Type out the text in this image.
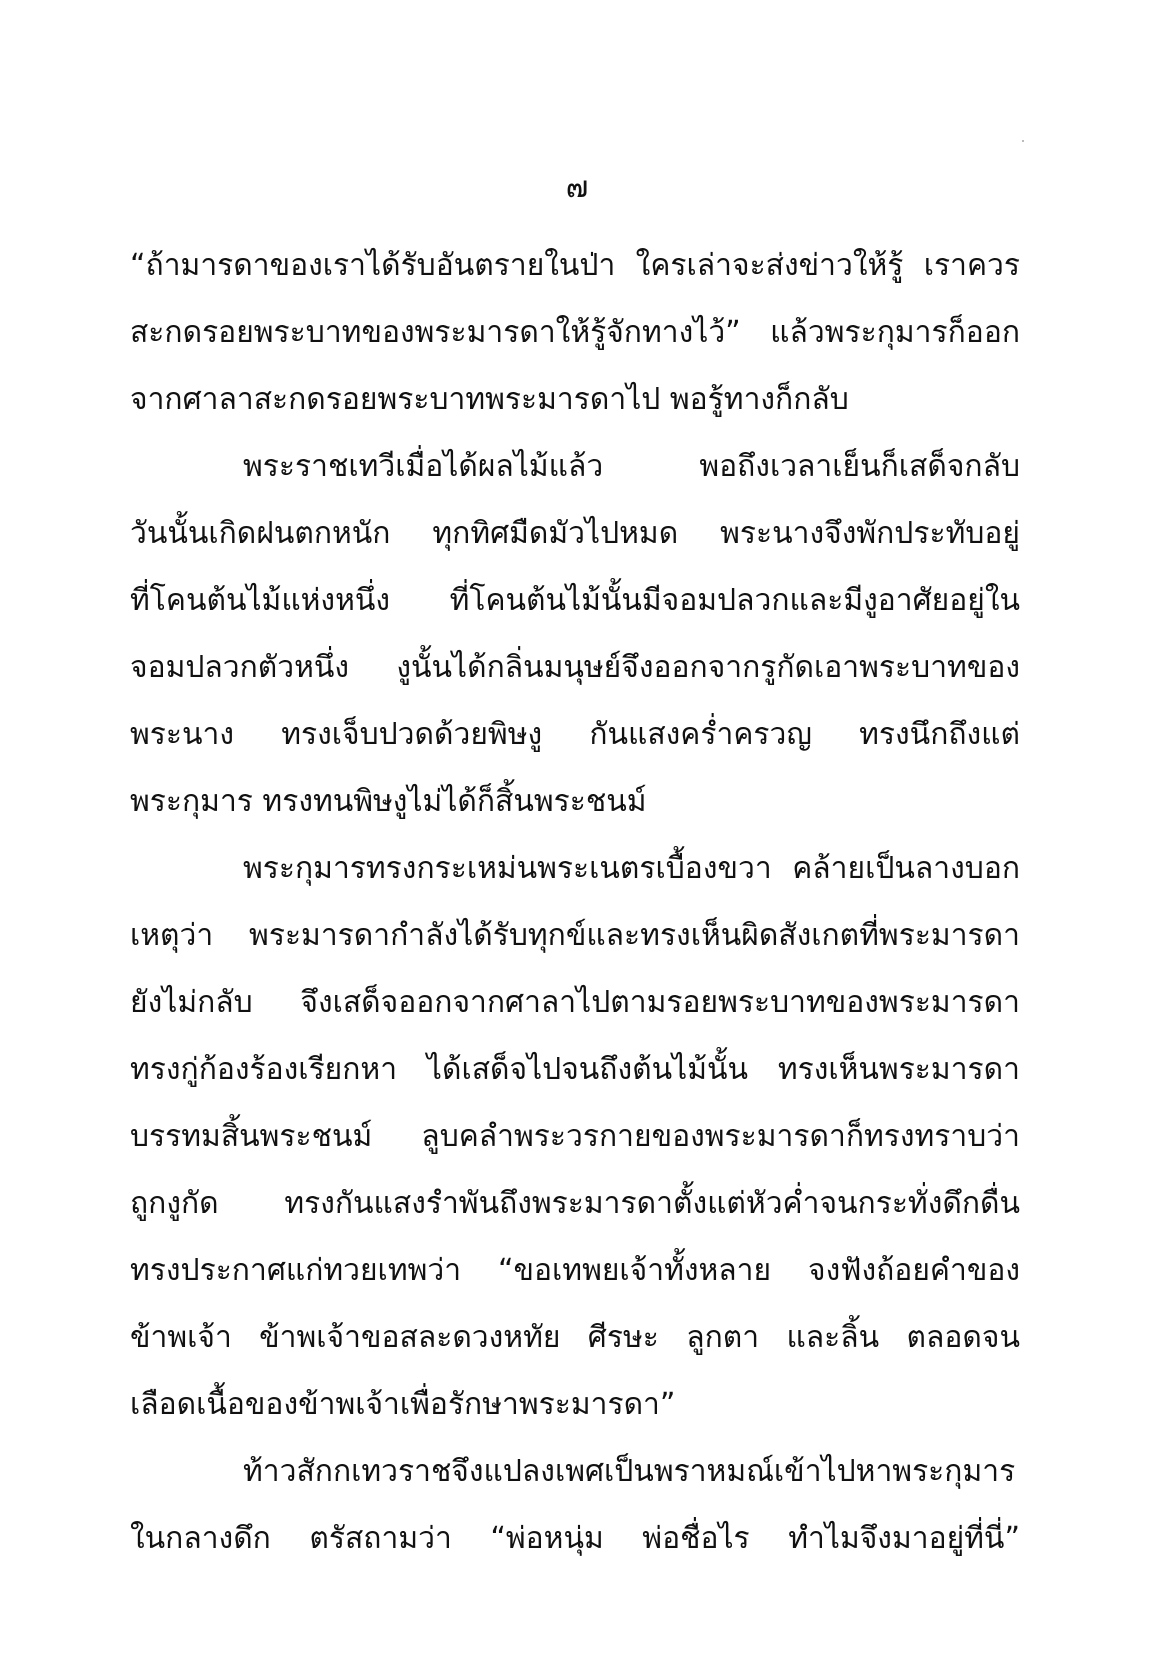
๗
“ถ้ามารดาของเราได้รับอันตรายในป่า ใครเล่าจะส่งข่าวให้รู้ เราควร
สะกดรอยพระบาทของพระมารดาให้รู้จักทางไว้” แล้วพระกุมารก็ออก
จากศาลาสะกดรอยพระบาทพระมารดาไป พอรู้ทางก็กลับ
พระราชเทวีเมื่อได้ผลไม้แล้ว พอถึงเวลาเย็นก็เสด็จกลับ
วันนั้นเกิดฝนตกหนัก ทุกทิศมืดมัวไปหมด พระนางจึงพักประทับอยู่
ที่โคนต้นไม้แห่งหนึ่ง ที่โคนต้นไม้นั้นมีจอมปลวกและมีงูอาศัยอยู่ใน
จอมปลวกตัวหนึ่ง งูนั้นได้กลิ่นมนุษย์จึงออกจากรูกัดเอาพระบาทของ
พระนาง ทรงเจ็บปวดด้วยพิษงู กันแสงคร่ำครวญ ทรงนึกถึงแต่
พระกุมาร ทรงทนพิษงูไม่ได้ก็สิ้นพระชนม์
พระกุมารทรงกระเหม่นพระเนตรเบื้องขวา คล้ายเป็นลางบอก
เหตุว่า พระมารดากำลังได้รับทุกข์และทรงเห็นผิดสังเกตที่พระมารดา
ยังไม่กลับ จึงเสด็จออกจากศาลาไปตามรอยพระบาทของพระมารดา
ทรงกู่ก้องร้องเรียกหา ได้เสด็จไปจนถึงต้นไม้นั้น ทรงเห็นพระมารดา
บรรทมสิ้นพระชนม์ ลูบคลำพระวรกายของพระมารดาก็ทรงทราบว่า
ถูกงูกัด ทรงกันแสงรำพันถึงพระมารดาตั้งแต่หัวค่ำจนกระทั่งดึกดื่น
ทรงประกาศแก่ทวยเทพว่า “ขอเทพยเจ้าทั้งหลาย จงฟังถ้อยคำของ
ข้าพเจ้า ข้าพเจ้าขอสละดวงหทัย ศีรษะ ลูกตา และลิ้น ตลอดจน
เลือดเนื้อของข้าพเจ้าเพื่อรักษาพระมารดา”
ท้าวสักกเทวราชจึงแปลงเพศเป็นพราหมณ์เข้าไปหาพระกุมาร
ในกลางดึก ตรัสถามว่า “พ่อหนุ่ม พ่อชื่อไร ทำไมจึงมาอยู่ที่นี่”
